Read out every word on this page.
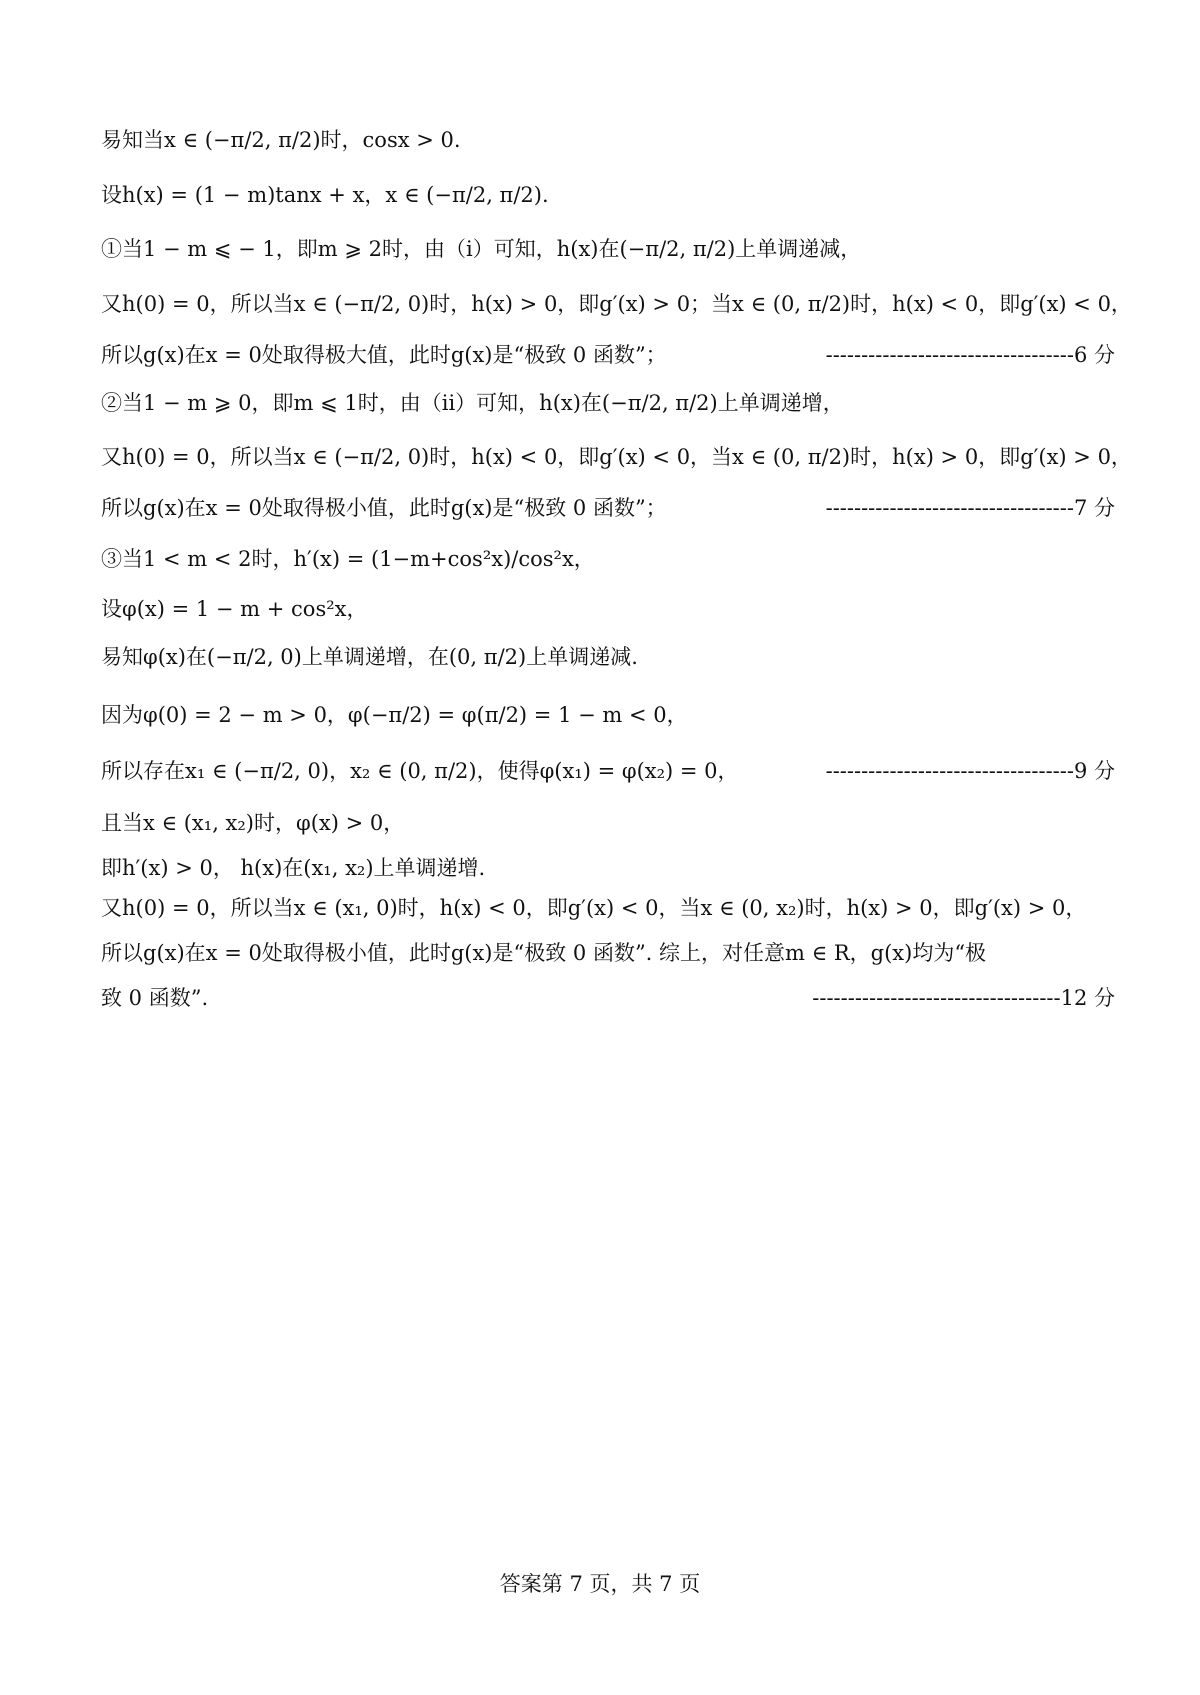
易知当x ∈ (−π/2, π/2)时，cosx > 0.
设h(x) = (1 − m)tanx + x，x ∈ (−π/2, π/2).
①当1 − m ⩽ − 1，即m ⩾ 2时，由（i）可知，h(x)在(−π/2, π/2)上单调递减，
又h(0) = 0，所以当x ∈ (−π/2, 0)时，h(x) > 0，即g′(x) > 0；当x ∈ (0, π/2)时，h(x) < 0，即g′(x) < 0，
所以g(x)在x = 0处取得极大值，此时g(x)是“极致 0 函数”；	-----------------------------------6 分
②当1 − m ⩾ 0，即m ⩽ 1时，由（ii）可知，h(x)在(−π/2, π/2)上单调递增，
又h(0) = 0，所以当x ∈ (−π/2, 0)时，h(x) < 0，即g′(x) < 0，当x ∈ (0, π/2)时，h(x) > 0，即g′(x) > 0，
所以g(x)在x = 0处取得极小值，此时g(x)是“极致 0 函数”；	-----------------------------------7 分
③当1 < m < 2时，h′(x) = (1−m+cos²x)/cos²x，
设φ(x) = 1 − m + cos²x，
易知φ(x)在(−π/2, 0)上单调递增，在(0, π/2)上单调递减.
因为φ(0) = 2 − m > 0，φ(−π/2) = φ(π/2) = 1 − m < 0，
所以存在x₁ ∈ (−π/2, 0)，x₂ ∈ (0, π/2)，使得φ(x₁) = φ(x₂) = 0，	-----------------------------------9 分
且当x ∈ (x₁, x₂)时，φ(x) > 0，
即h′(x) > 0， h(x)在(x₁, x₂)上单调递增.
又h(0) = 0，所以当x ∈ (x₁, 0)时，h(x) < 0，即g′(x) < 0，当x ∈ (0, x₂)时，h(x) > 0，即g′(x) > 0，
所以g(x)在x = 0处取得极小值，此时g(x)是“极致 0 函数”. 综上，对任意m ∈ R，g(x)均为“极
致 0 函数”.	-----------------------------------12 分
答案第 7 页，共 7 页
